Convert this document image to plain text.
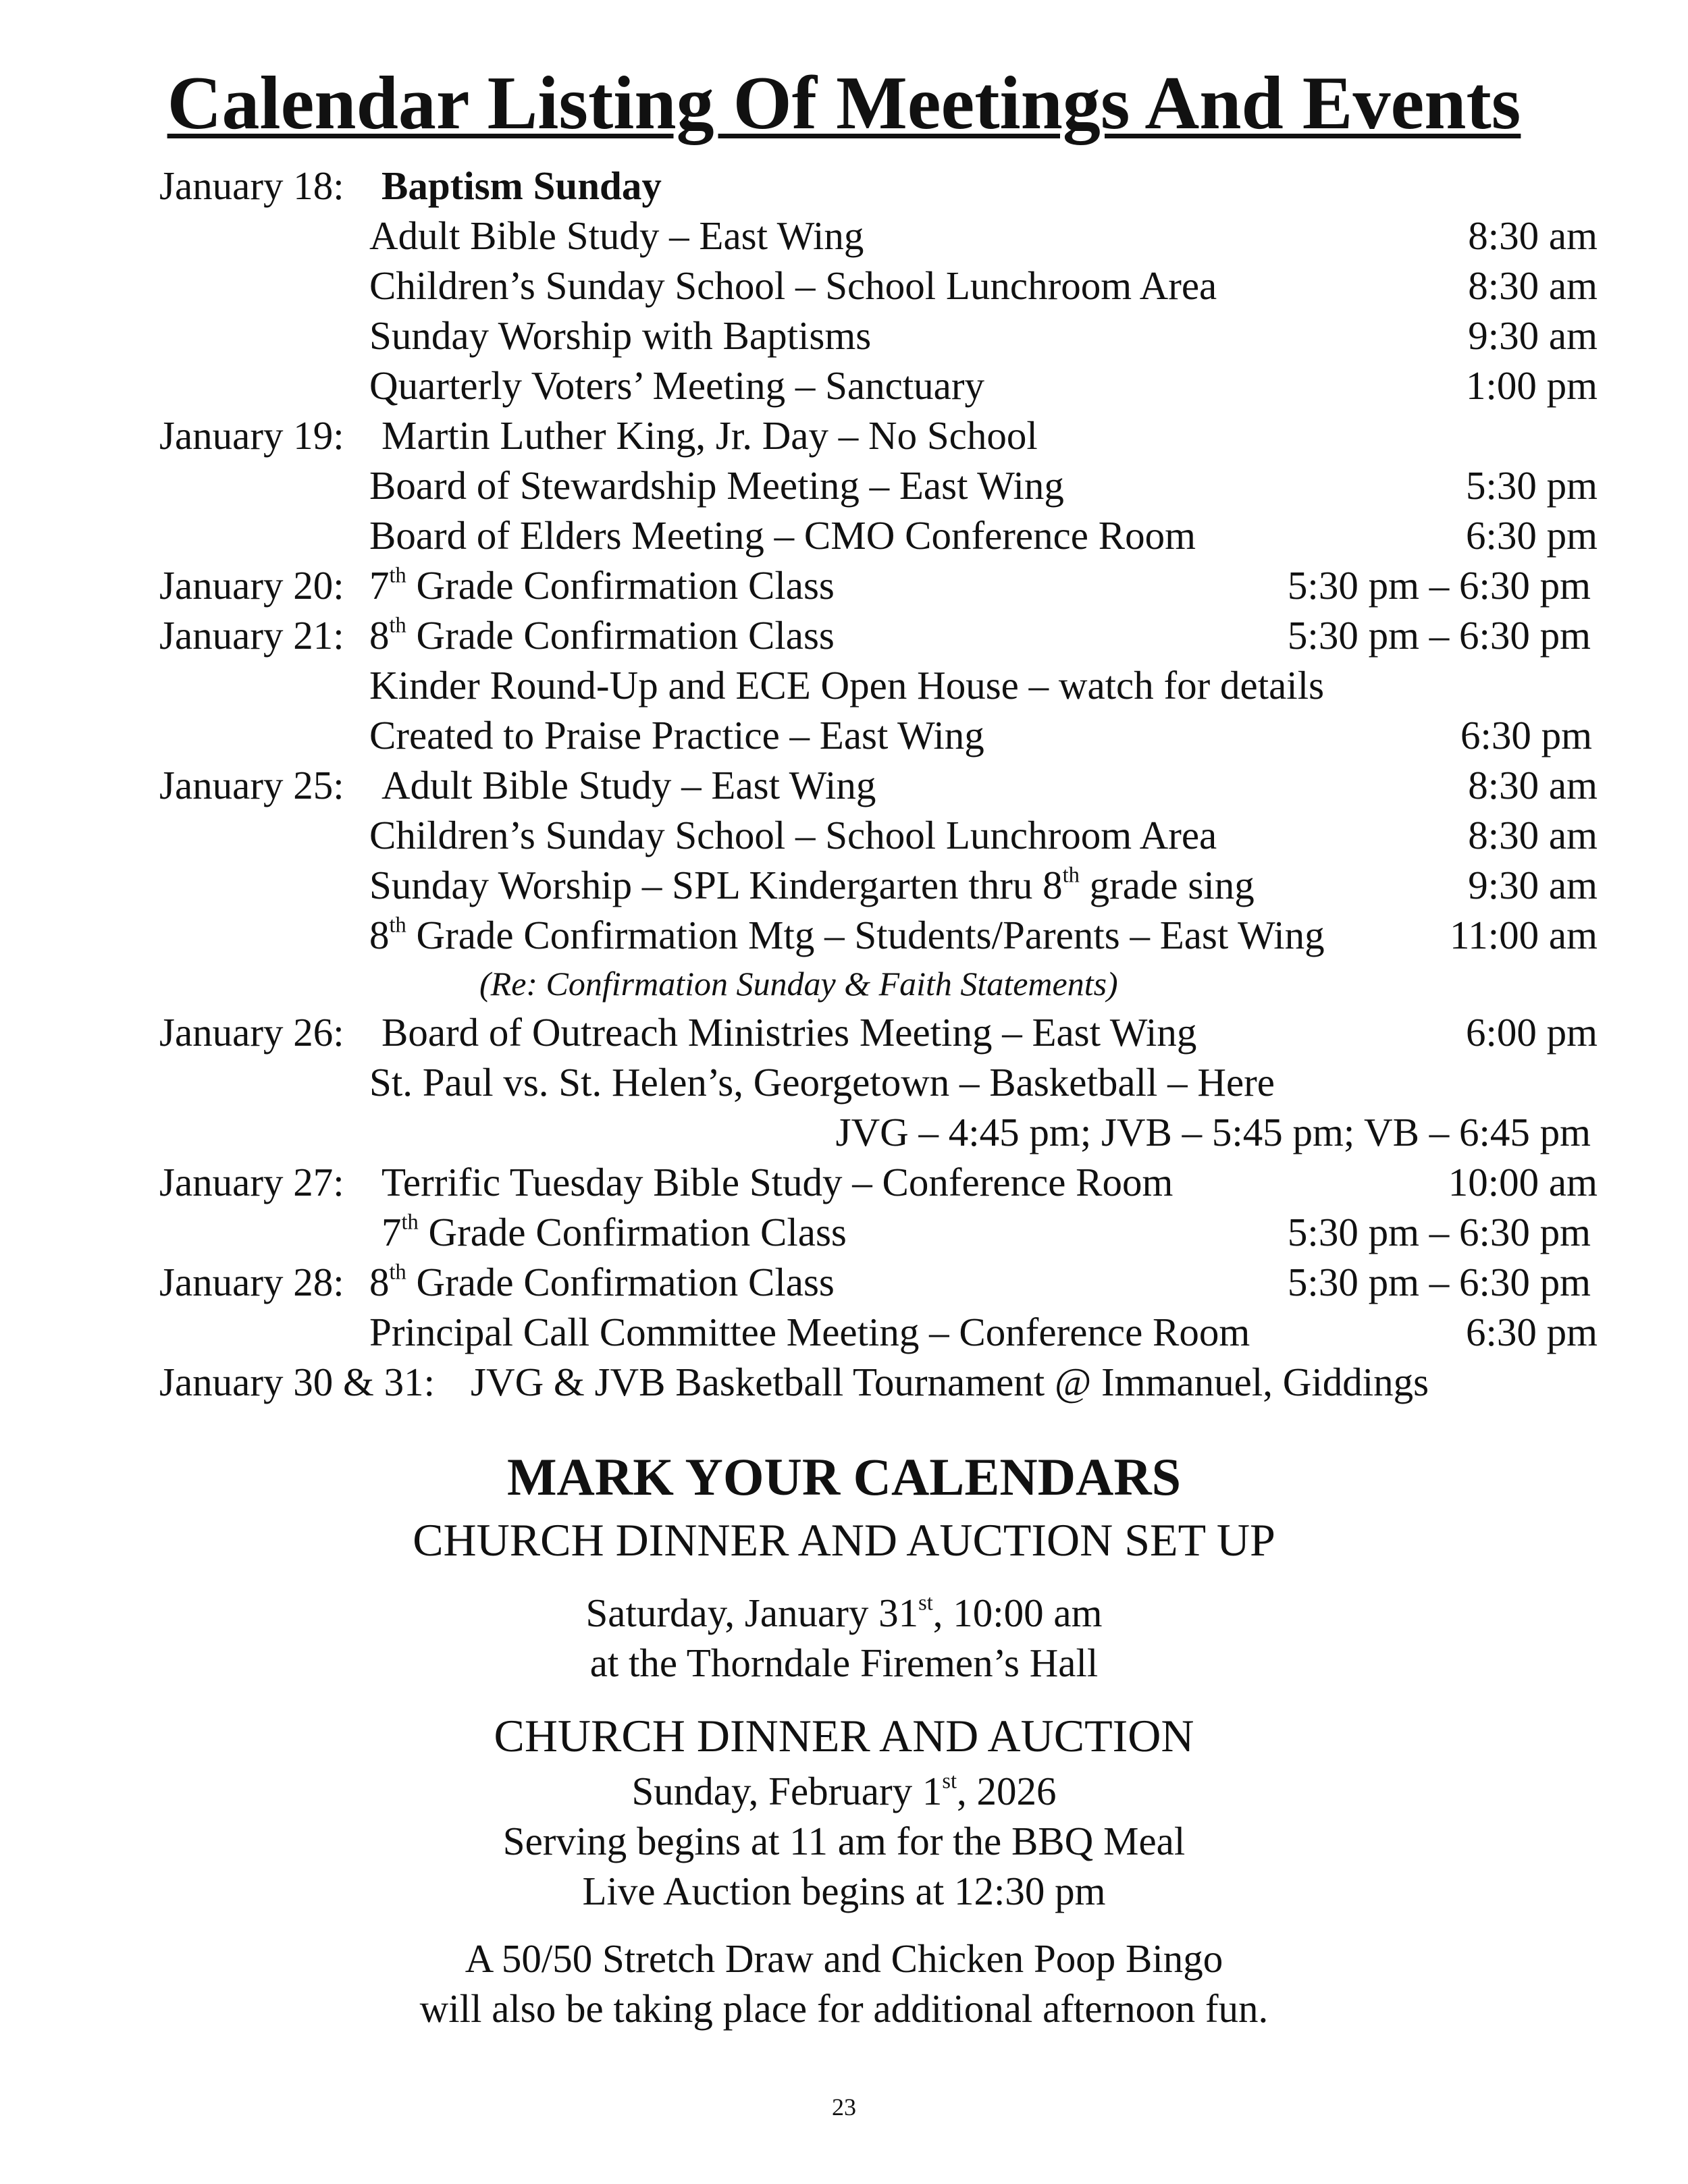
Calendar Listing Of Meetings And Events
January 18: Baptism Sunday
Adult Bible Study – East Wing	8:30 am
Children’s Sunday School – School Lunchroom Area	8:30 am
Sunday Worship with Baptisms	9:30 am
Quarterly Voters’ Meeting – Sanctuary	1:00 pm
January 19: Martin Luther King, Jr. Day – No School
Board of Stewardship Meeting – East Wing	5:30 pm
Board of Elders Meeting – CMO Conference Room	6:30 pm
January 20: 7th Grade Confirmation Class	5:30 pm – 6:30 pm
January 21: 8th Grade Confirmation Class	5:30 pm – 6:30 pm
Kinder Round-Up and ECE Open House – watch for details
Created to Praise Practice – East Wing	6:30 pm
January 25: Adult Bible Study – East Wing	8:30 am
Children’s Sunday School – School Lunchroom Area	8:30 am
Sunday Worship – SPL Kindergarten thru 8th grade sing	9:30 am
8th Grade Confirmation Mtg – Students/Parents – East Wing	11:00 am
(Re: Confirmation Sunday & Faith Statements)
January 26: Board of Outreach Ministries Meeting – East Wing	6:00 pm
St. Paul vs. St. Helen’s, Georgetown – Basketball – Here
JVG – 4:45 pm; JVB – 5:45 pm; VB – 6:45 pm
January 27: Terrific Tuesday Bible Study – Conference Room	10:00 am
7th Grade Confirmation Class	5:30 pm – 6:30 pm
January 28: 8th Grade Confirmation Class	5:30 pm – 6:30 pm
Principal Call Committee Meeting – Conference Room	6:30 pm
January 30 & 31: JVG & JVB Basketball Tournament @ Immanuel, Giddings
MARK YOUR CALENDARS
CHURCH DINNER AND AUCTION SET UP
Saturday, January 31st, 10:00 am
at the Thorndale Firemen’s Hall
CHURCH DINNER AND AUCTION
Sunday, February 1st, 2026
Serving begins at 11 am for the BBQ Meal
Live Auction begins at 12:30 pm
A 50/50 Stretch Draw and Chicken Poop Bingo
will also be taking place for additional afternoon fun.
23
